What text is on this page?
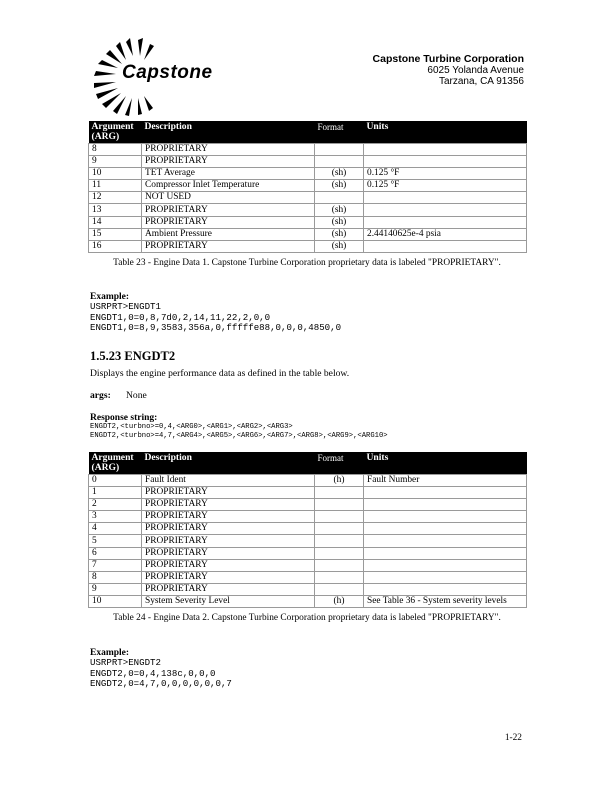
Capstone
Capstone Turbine Corporation
6025 Yolanda Avenue
Tarzana, CA 91356
Argument (ARG)	Description	Format	Units
8	PROPRIETARY		
9	PROPRIETARY		
10	TET Average	(sh)	0.125 °F
11	Compressor Inlet Temperature	(sh)	0.125 °F
12	NOT USED		
13	PROPRIETARY	(sh)	
14	PROPRIETARY	(sh)	
15	Ambient Pressure	(sh)	2.44140625e-4 psia
16	PROPRIETARY	(sh)	
Table 23 - Engine Data 1. Capstone Turbine Corporation proprietary data is labeled "PROPRIETARY".
Example:
USRPRT>ENGDT1
ENGDT1,0=0,8,7d0,2,14,11,22,2,0,0
ENGDT1,0=8,9,3583,356a,0,fffffe88,0,0,0,4850,0
1.5.23 ENGDT2
Displays the engine performance data as defined in the table below.
args: None
Response string:
ENGDT2,<turbno>=0,4,<ARG0>,<ARG1>,<ARG2>,<ARG3>
ENGDT2,<turbno>=4,7,<ARG4>,<ARG5>,<ARG6>,<ARG7>,<ARG8>,<ARG9>,<ARG10>
Argument (ARG)	Description	Format	Units
0	Fault Ident	(h)	Fault Number
1	PROPRIETARY		
2	PROPRIETARY		
3	PROPRIETARY		
4	PROPRIETARY		
5	PROPRIETARY		
6	PROPRIETARY		
7	PROPRIETARY		
8	PROPRIETARY		
9	PROPRIETARY		
10	System Severity Level	(h)	See Table 36 - System severity levels
Table 24 - Engine Data 2. Capstone Turbine Corporation proprietary data is labeled "PROPRIETARY".
Example:
USRPRT>ENGDT2
ENGDT2,0=0,4,138c,0,0,0
ENGDT2,0=4,7,0,0,0,0,0,0,7
1-22
